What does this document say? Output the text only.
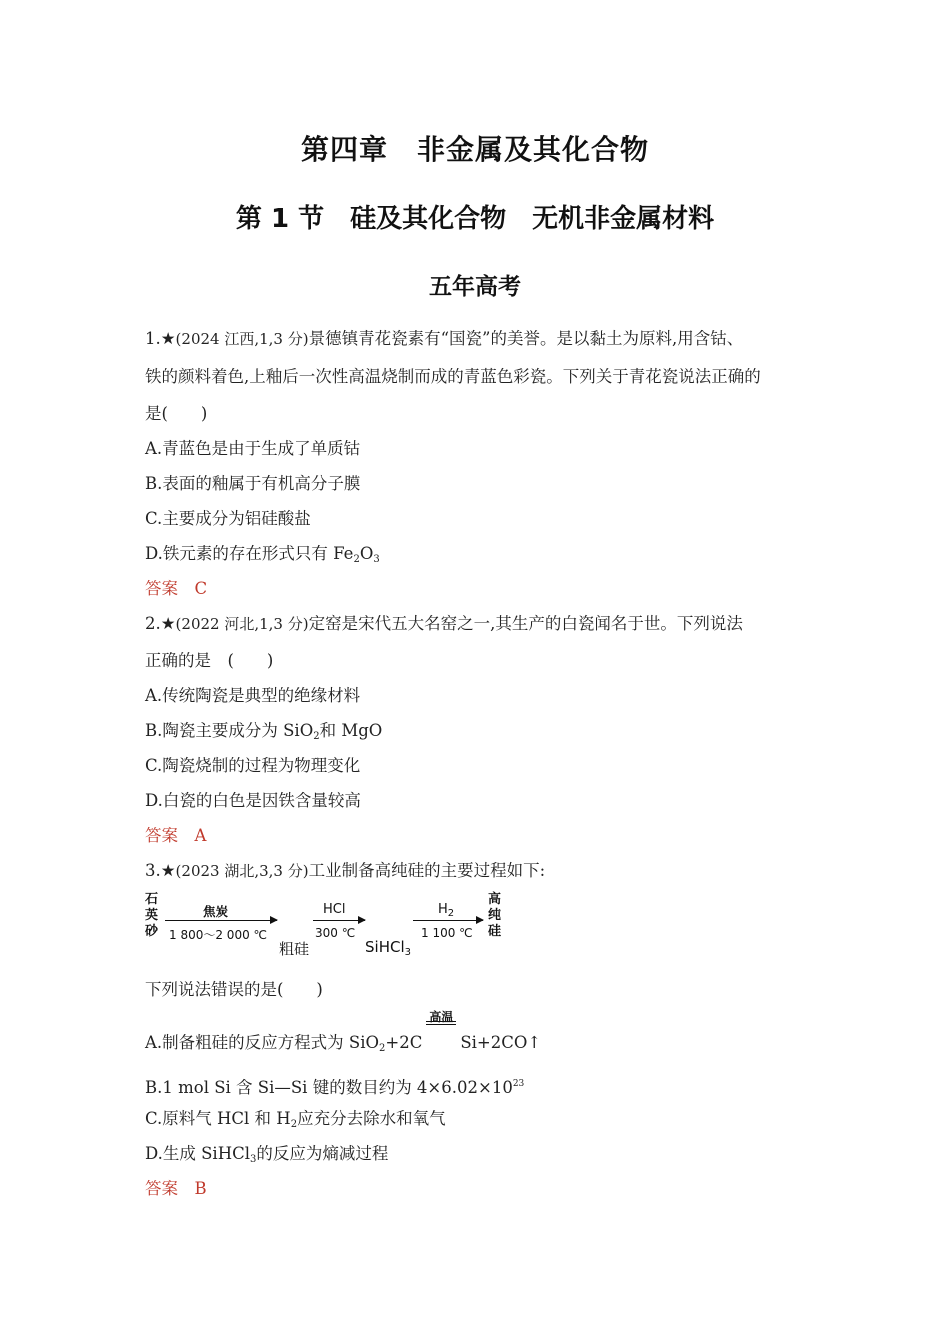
第四章　非金属及其化合物
第 1 节　硅及其化合物　无机非金属材料
五年高考
1.★(2024 江西,1,3 分)景德镇青花瓷素有“国瓷”的美誉。是以黏土为原料,用含钴、
铁的颜料着色,上釉后一次性高温烧制而成的青蓝色彩瓷。下列关于青花瓷说法正确的
是(　　)
A.青蓝色是由于生成了单质钴
B.表面的釉属于有机高分子膜
C.主要成分为铝硅酸盐
D.铁元素的存在形式只有 $Fe_2O_3$
答案　C
2.★(2022 河北,1,3 分)定窑是宋代五大名窑之一,其生产的白瓷闻名于世。下列说法
正确的是　(　　)
A.传统陶瓷是典型的绝缘材料
B.陶瓷主要成分为 SiO$_2$和 MgO
C.陶瓷烧制的过程为物理变化
D.白瓷的白色是因铁含量较高
答案　A
3.★(2023 湖北,3,3 分)工业制备高纯硅的主要过程如下:
石英砂
焦炭
1 800～2 000 ℃
粗硅
HCl
300 ℃
SiHCl$_3$
$H_2$
1 100 ℃
高纯硅
下列说法错误的是(　　)
A.制备粗硅的反应方程式为 SiO$_2$+2C
高温
Si+2CO↑
B.1 mol Si 含 Si—Si 键的数目约为 $4\times 6.02\times 10^{23}$
C.原料气 HCl 和 $H_2$应充分去除水和氧气
D.生成 SiHCl$_3$的反应为熵减过程
答案　B
